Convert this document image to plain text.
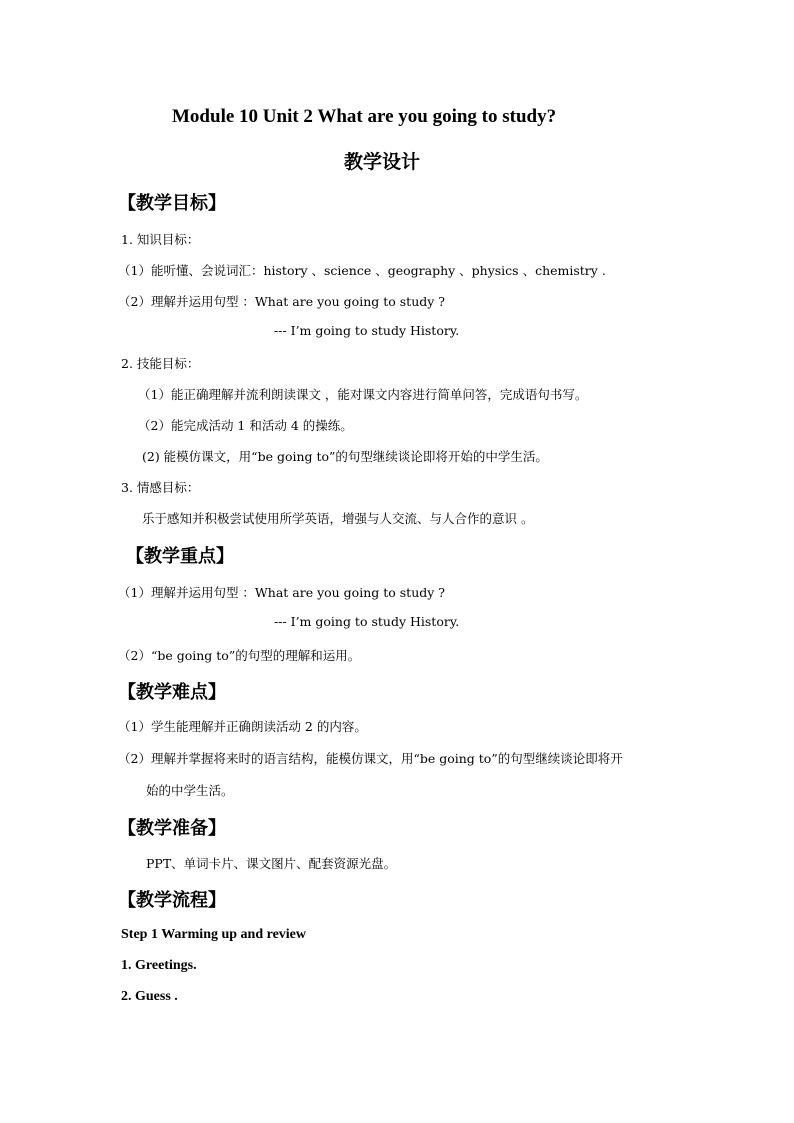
Module 10 Unit 2 What are you going to study?
教学设计
【教学目标】
1. 知识目标：
（1）能听懂、会说词汇：history 、science 、geography 、physics 、chemistry .
（2）理解并运用句型 ：What are you going to study ?
--- I’m going to study History.
2. 技能目标：
（1）能正确理解并流利朗读课文 ，能对课文内容进行简单问答，完成语句书写。
（2）能完成活动 1 和活动 4 的操练。
(2) 能模仿课文，用“be going to”的句型继续谈论即将开始的中学生活。
3. 情感目标：
乐于感知并积极尝试使用所学英语，增强与人交流、与人合作的意识 。
【教学重点】
（1）理解并运用句型 ：What are you going to study ?
--- I’m going to study History.
（2）“be going to”的句型的理解和运用。
【教学难点】
（1）学生能理解并正确朗读活动 2 的内容。
（2）理解并掌握将来时的语言结构，能模仿课文，用“be going to”的句型继续谈论即将开
始的中学生活。
【教学准备】
PPT、单词卡片、课文图片、配套资源光盘。
【教学流程】
Step 1 Warming up and review
1. Greetings.
2. Guess .
